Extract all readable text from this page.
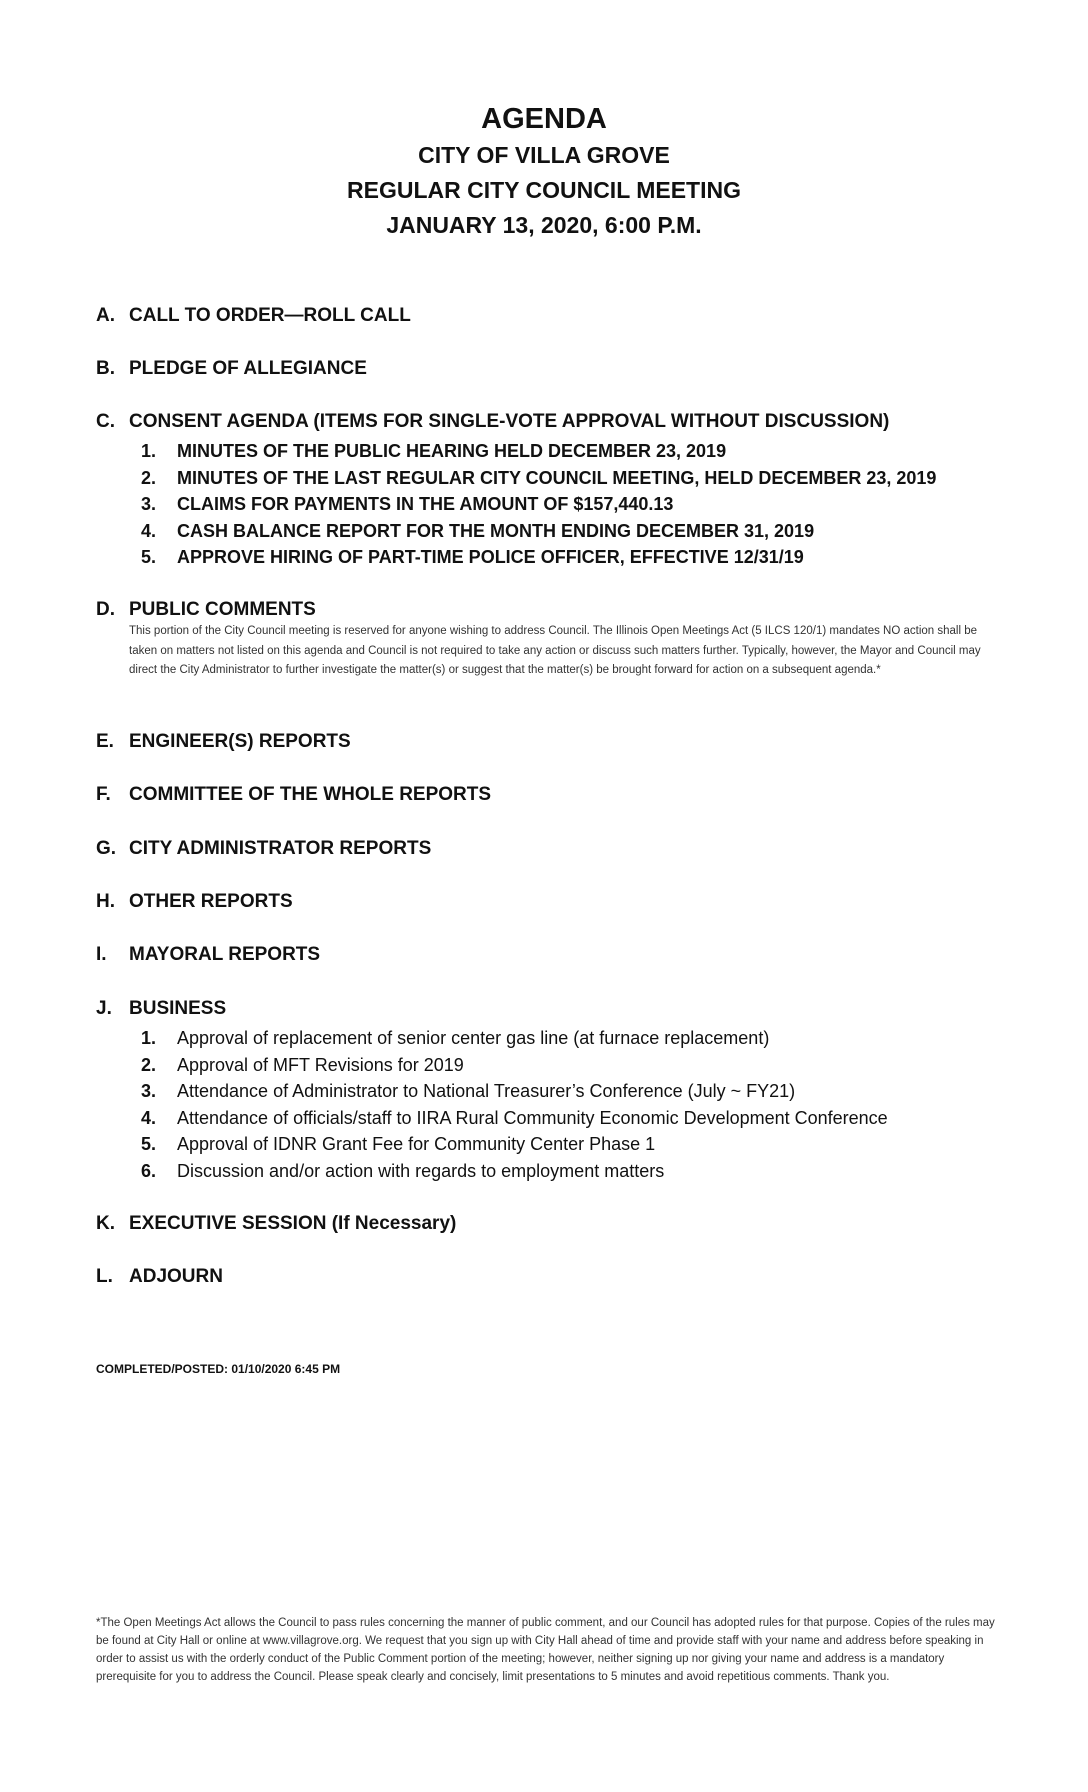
AGENDA
CITY OF VILLA GROVE
REGULAR CITY COUNCIL MEETING
JANUARY 13, 2020, 6:00 P.M.
A. CALL TO ORDER—ROLL CALL
B. PLEDGE OF ALLEGIANCE
C. CONSENT AGENDA (ITEMS FOR SINGLE-VOTE APPROVAL WITHOUT DISCUSSION)
1.	MINUTES OF THE PUBLIC HEARING HELD DECEMBER 23, 2019
2.	MINUTES OF THE LAST REGULAR CITY COUNCIL MEETING, HELD DECEMBER 23, 2019
3.	CLAIMS FOR PAYMENTS IN THE AMOUNT OF $157,440.13
4.	CASH BALANCE REPORT FOR THE MONTH ENDING DECEMBER 31, 2019
5.	APPROVE HIRING OF PART-TIME POLICE OFFICER, EFFECTIVE 12/31/19
D. PUBLIC COMMENTS
This portion of the City Council meeting is reserved for anyone wishing to address Council. The Illinois Open Meetings Act (5 ILCS 120/1) mandates NO action shall be taken on matters not listed on this agenda and Council is not required to take any action or discuss such matters further. Typically, however, the Mayor and Council may direct the City Administrator to further investigate the matter(s) or suggest that the matter(s) be brought forward for action on a subsequent agenda.*
E. ENGINEER(S) REPORTS
F. COMMITTEE OF THE WHOLE REPORTS
G. CITY ADMINISTRATOR REPORTS
H. OTHER REPORTS
I.	MAYORAL REPORTS
J. BUSINESS
1.	Approval of replacement of senior center gas line (at furnace replacement)
2.	Approval of MFT Revisions for 2019
3.	Attendance of Administrator to National Treasurer’s Conference (July ~ FY21)
4.	Attendance of officials/staff to IIRA Rural Community Economic Development Conference
5.	Approval of IDNR Grant Fee for Community Center Phase 1
6.	Discussion and/or action with regards to employment matters
K. EXECUTIVE SESSION (If Necessary)
L. ADJOURN
COMPLETED/POSTED: 01/10/2020 6:45 PM
*The Open Meetings Act allows the Council to pass rules concerning the manner of public comment, and our Council has adopted rules for that purpose. Copies of the rules may be found at City Hall or online at www.villagrove.org. We request that you sign up with City Hall ahead of time and provide staff with your name and address before speaking in order to assist us with the orderly conduct of the Public Comment portion of the meeting; however, neither signing up nor giving your name and address is a mandatory prerequisite for you to address the Council. Please speak clearly and concisely, limit presentations to 5 minutes and avoid repetitious comments. Thank you.
